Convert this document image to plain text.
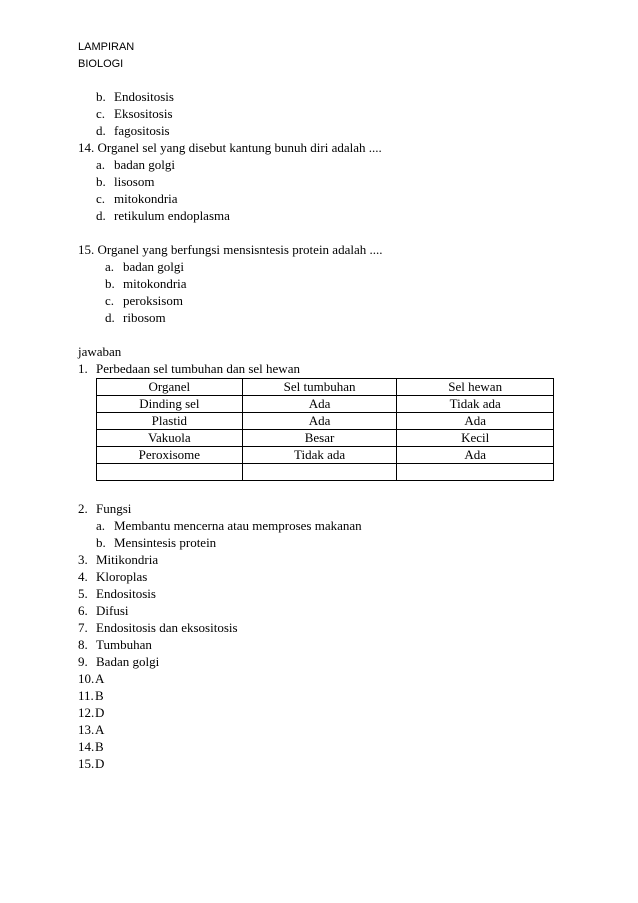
LAMPIRAN
BIOLOGI
b. Endositosis
c. Eksositosis
d. fagositosis
14. Organel sel yang disebut kantung bunuh diri adalah ....
a. badan golgi
b. lisosom
c. mitokondria
d. retikulum endoplasma
15. Organel yang berfungsi mensisntesis protein adalah ....
a. badan golgi
b. mitokondria
c. peroksisom
d. ribosom
jawaban
1. Perbedaan sel tumbuhan dan sel hewan
Organel	Sel tumbuhan	Sel hewan
Dinding sel	Ada	Tidak ada
Plastid	Ada	Ada
Vakuola	Besar	Kecil
Peroxisome	Tidak ada	Ada

2. Fungsi
a. Membantu mencerna atau memproses makanan
b. Mensintesis protein
3. Mitikondria
4. Kloroplas
5. Endositosis
6. Difusi
7. Endositosis dan eksositosis
8. Tumbuhan
9. Badan golgi
10.A
11.B
12.D
13.A
14.B
15.D
